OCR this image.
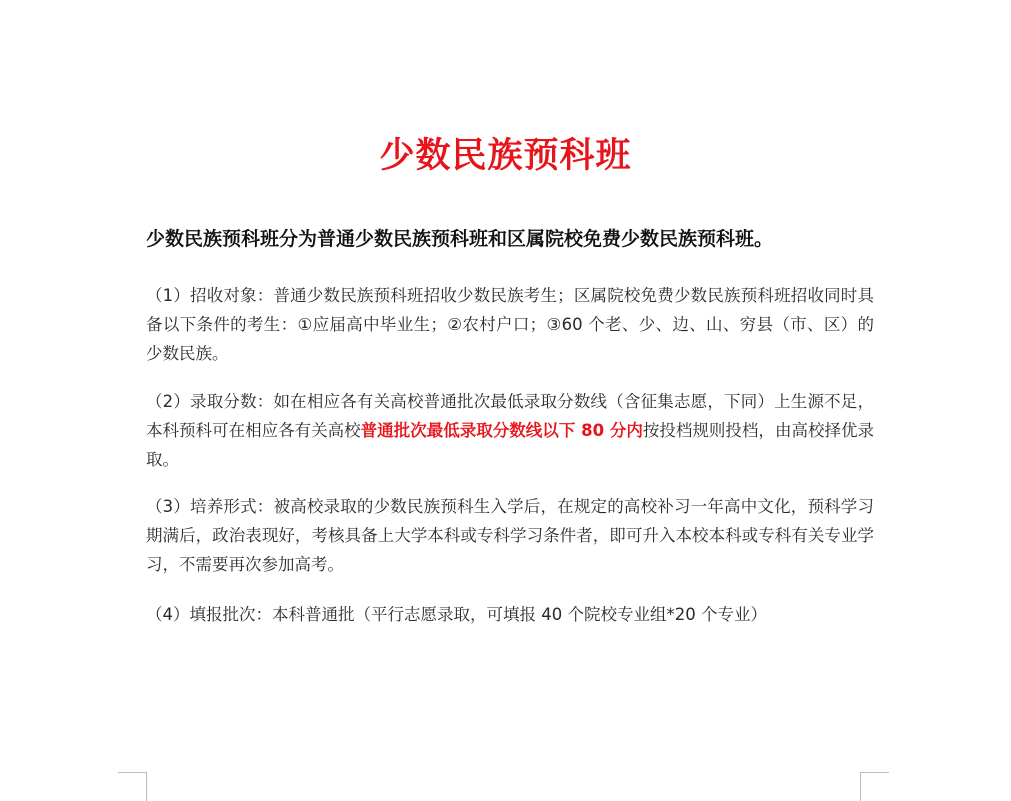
少数民族预科班
少数民族预科班分为普通少数民族预科班和区属院校免费少数民族预科班。
（1）招收对象：普通少数民族预科班招收少数民族考生；区属院校免费少数民族预科班招收同时具备以下条件的考生：①应届高中毕业生；②农村户口；③60 个老、少、边、山、穷县（市、区）的少数民族。
（2）录取分数：如在相应各有关高校普通批次最低录取分数线（含征集志愿，下同）上生源不足，本科预科可在相应各有关高校普通批次最低录取分数线以下 80 分内按投档规则投档，由高校择优录取。
（3）培养形式：被高校录取的少数民族预科生入学后，在规定的高校补习一年高中文化，预科学习期满后，政治表现好，考核具备上大学本科或专科学习条件者，即可升入本校本科或专科有关专业学习，不需要再次参加高考。
（4）填报批次：本科普通批（平行志愿录取，可填报 40 个院校专业组*20 个专业）
